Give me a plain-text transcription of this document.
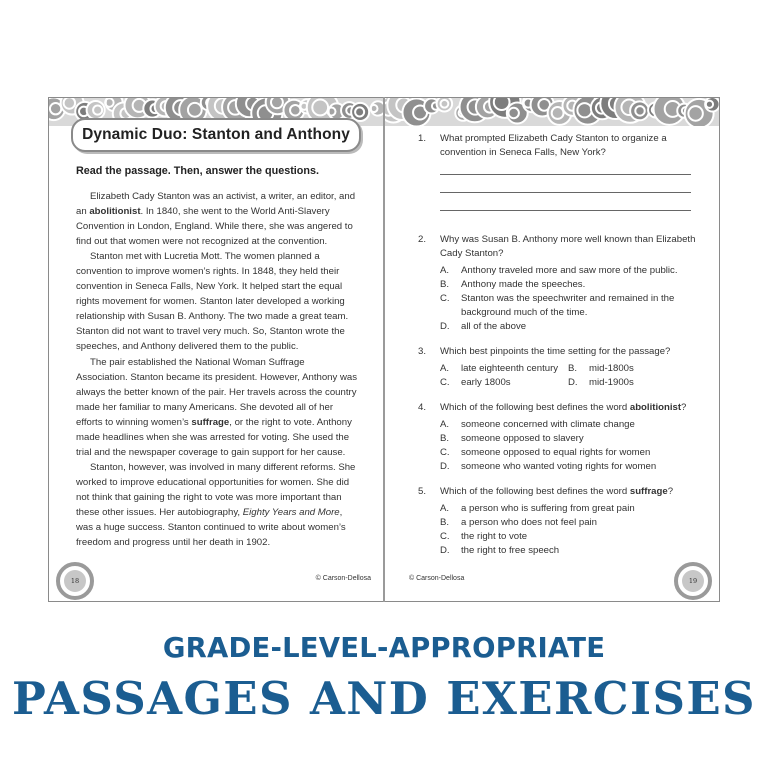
Dynamic Duo: Stanton and Anthony
Read the passage. Then, answer the questions.

Elizabeth Cady Stanton was an activist, a writer, an editor, and an abolitionist. In 1840, she went to the World Anti-Slavery Convention in London, England. While there, she was angered to find out that women were not recognized at the convention.

Stanton met with Lucretia Mott. The women planned a convention to improve women’s rights. In 1848, they held their convention in Seneca Falls, New York. It helped start the equal rights movement for women. Stanton later developed a working relationship with Susan B. Anthony. The two made a great team. Stanton did not want to travel very much. So, Stanton wrote the speeches, and Anthony delivered them to the public.

The pair established the National Woman Suffrage Association. Stanton became its president. However, Anthony was always the better known of the pair. Her travels across the country made her familiar to many Americans. She devoted all of her efforts to winning women’s suffrage, or the right to vote. Anthony made headlines when she was arrested for voting. She used the trial and the newspaper coverage to gain support for her cause.

Stanton, however, was involved in many different reforms. She worked to improve educational opportunities for women. She did not think that gaining the right to vote was more important than these other issues. Her autobiography, Eighty Years and More, was a huge success. Stanton continued to write about women’s freedom and progress until her death in 1902.

18	© Carson-Dellosa
1.	What prompted Elizabeth Cady Stanton to organize a convention in Seneca Falls, New York?
2.	Why was Susan B. Anthony more well known than Elizabeth Cady Stanton?
A. Anthony traveled more and saw more of the public.
B. Anthony made the speeches.
C. Stanton was the speechwriter and remained in the background much of the time.
D. all of the above
3.	Which best pinpoints the time setting for the passage?
A. late eighteenth century	B. mid-1800s
C. early 1800s	D. mid-1900s
4.	Which of the following best defines the word abolitionist?
A. someone concerned with climate change
B. someone opposed to slavery
C. someone opposed to equal rights for women
D. someone who wanted voting rights for women
5.	Which of the following best defines the word suffrage?
A. a person who is suffering from great pain
B. a person who does not feel pain
C. the right to vote
D. the right to free speech
19
© Carson-Dellosa
GRADE-LEVEL-APPROPRIATE
PASSAGES AND EXERCISES
